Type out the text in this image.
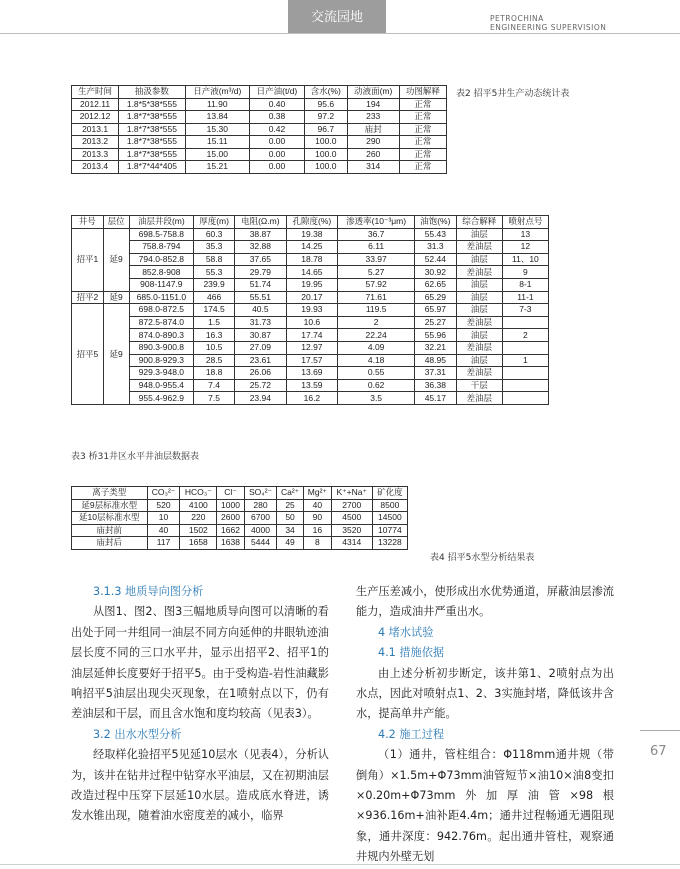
交流园地	PETROCHINA
ENGINEERING SUPERVISION
生产时间	抽汲参数	日产液(m³/d)	日产油(t/d)	含水(%)	动液面(m)	功图解释
2012.11	1.8*5*38*555	11.90	0.40	95.6	194	正常
2012.12	1.8*7*38*555	13.84	0.38	97.2	233	正常
2013.1	1.8*7*38*555	15.30	0.42	96.7	庙封	正常
2013.2	1.8*7*38*555	15.11	0.00	100.0	290	正常
2013.3	1.8*7*38*555	15.00	0.00	100.0	260	正常
2013.4	1.8*7*44*405	15.21	0.00	100.0	314	正常
表2 招平5井生产动态统计表
井号	层位	油层井段(m)	厚度(m)	电阻(Ω.m)	孔隙度(%)	渗透率(10⁻³μm)	油饱(%)	综合解释	喷射点号
招平1	延9	698.5-758.8	60.3	38.87	19.38	36.7	55.43	油层	13
		758.8-794	35.3	32.88	14.25	6.11	31.3	差油层	12
		794.0-852.8	58.8	37.65	18.78	33.97	52.44	油层	11、10
		852.8-908	55.3	29.79	14.65	5.27	30.92	差油层	9
		908-1147.9	239.9	51.74	19.95	57.92	62.65	油层	8-1
招平2	延9	685.0-1151.0	466	55.51	20.17	71.61	65.29	油层	11-1
招平5	延9	698.0-872.5	174.5	40.5	19.93	119.5	65.97	油层	7-3
		872.5-874.0	1.5	31.73	10.6	2	25.27	差油层	
		874.0-890.3	16.3	30.87	17.74	22.24	55.96	油层	2
		890.3-900.8	10.5	27.09	12.97	4.09	32.21	差油层	
		900.8-929.3	28.5	23.61	17.57	4.18	48.95	油层	1
		929.3-948.0	18.8	26.06	13.69	0.55	37.31	差油层	
		948.0-955.4	7.4	25.72	13.59	0.62	36.38	干层	
		955.4-962.9	7.5	23.94	16.2	3.5	45.17	差油层	
表3 桥31井区水平井油层数据表
离子类型	CO₃²⁻	HCO₃⁻	Cl⁻	SO₄²⁻	Ca²⁺	Mg²⁺	K⁺+Na⁺	矿化度
延9层标准水型	520	4100	1000	280	25	40	2700	8500
延10层标准水型	10	220	2600	6700	50	90	4500	14500
庙封前	40	1502	1662	4000	34	16	3520	10774
庙封后	117	1658	1638	5444	49	8	4314	13228
表4 招平5水型分析结果表

3.1.3 地质导向图分析

从图1、图2、图3三幅地质导向图可以清晰的看出处于同一井组同一油层不同方向延伸的井眼轨迹油层长度不同的三口水平井，显示出招平2、招平1的油层延伸长度要好于招平5。由于受构造-岩性油藏影响招平5油层出现尖灭现象，在1喷射点以下，仍有差油层和干层，而且含水饱和度均较高（见表3）。

3.2 出水水型分析

经取样化验招平5见延10层水（见表4），分析认为，该井在钻井过程中钻穿水平油层，又在初期油层改造过程中压穿下层延10水层。造成底水脊进，诱发水锥出现，随着油水密度差的减小，临界

生产压差减小，使形成出水优势通道，屏蔽油层渗流能力，造成油井严重出水。

4 堵水试验

4.1 措施依据

由上述分析初步断定，该井第1、2喷射点为出水点，因此对喷射点1、2、3实施封堵，降低该井含水，提高单井产能。

4.2 施工过程

（1）通井，管柱组合：Φ118mm通井规（带倒角）×1.5m+Φ73mm油管短节×油10×油8变扣×0.20m+Φ73mm外加厚油管×98根×936.16m+油补距4.4m；通井过程畅通无遇阻现象，通井深度：942.76m。起出通井管柱，观察通井规内外壁无划

67
